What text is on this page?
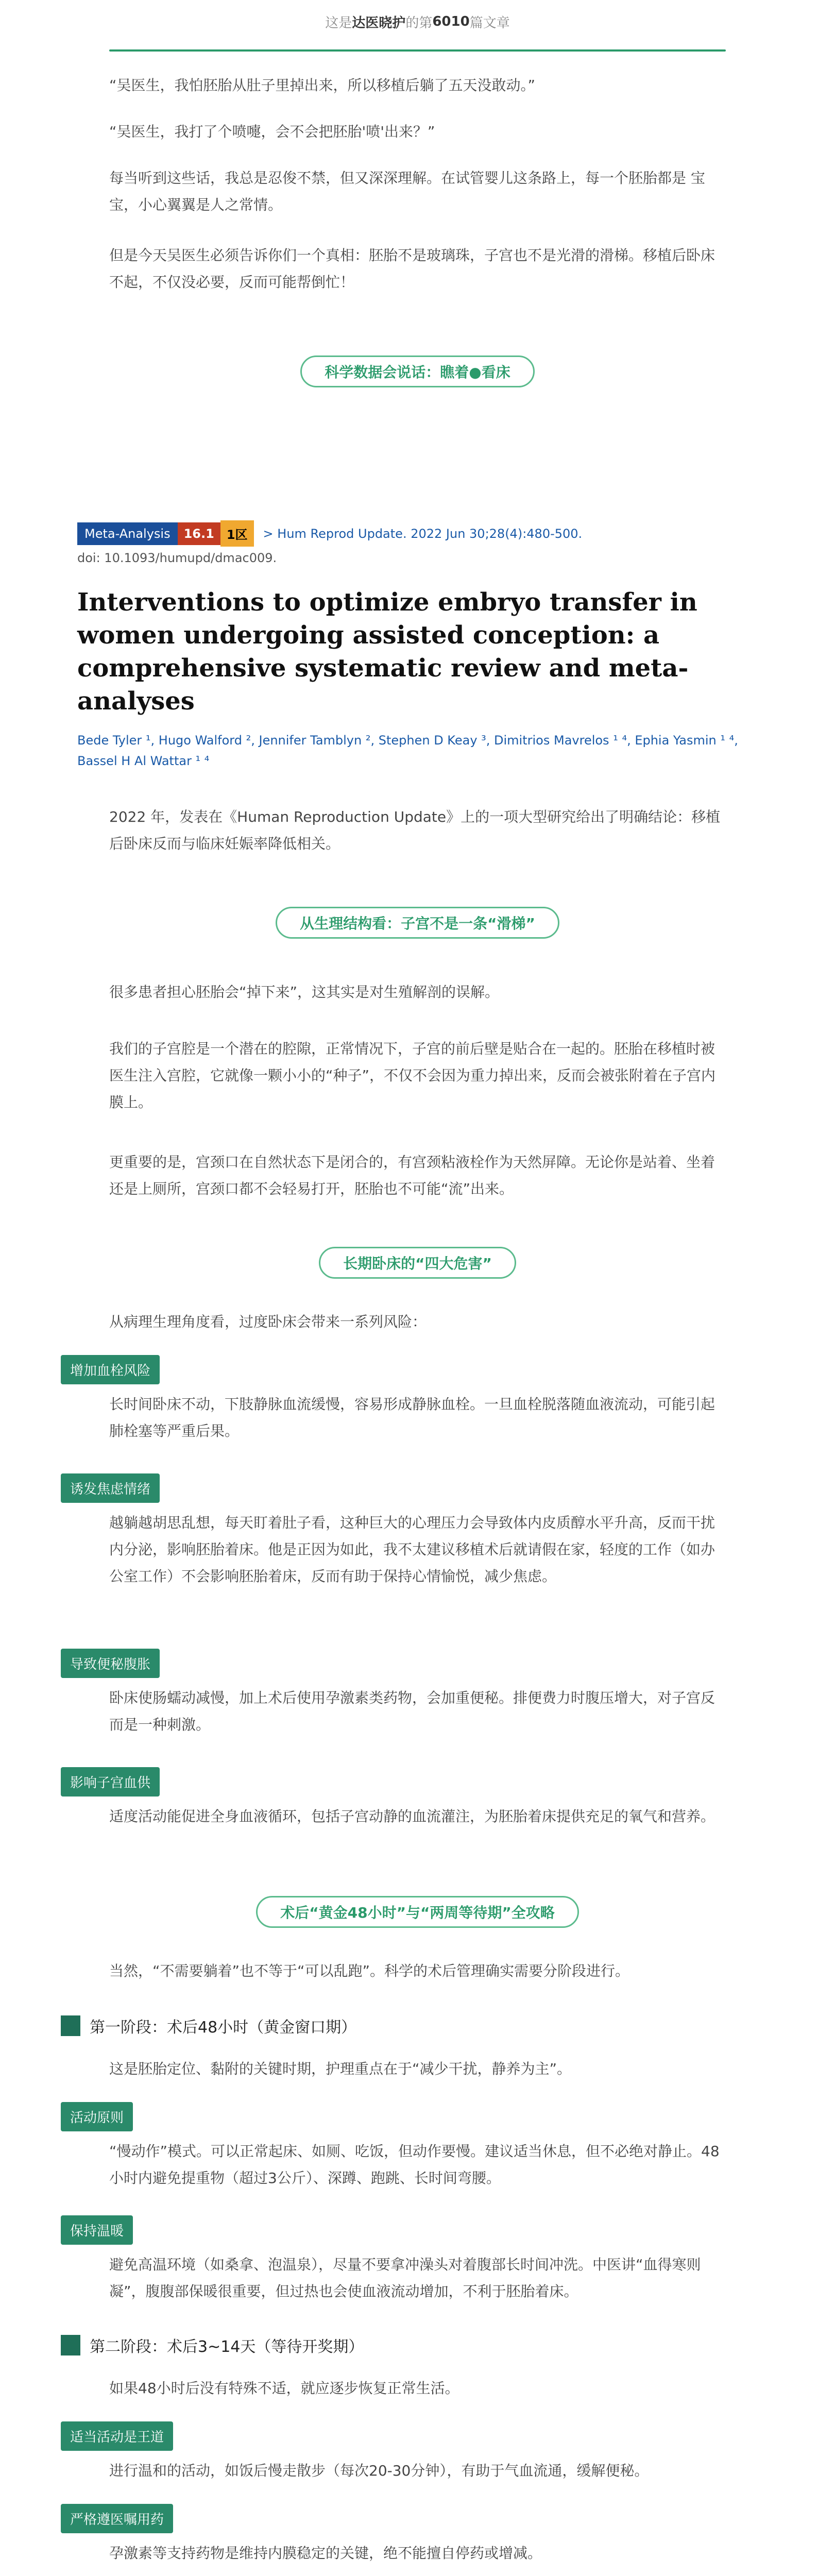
这是 达医晓护 的第 6010 篇文章

“吴医生，我怕胚胎从肚子里掉出来，所以移植后躺了五天没敢动。”

“吴医生，我打了个喷嚏，会不会把胚胎'喷'出来？”

每当听到这些话，我总是忍俊不禁，但又深深理解。在试管婴儿这条路上，每一个胚胎都是 宝宝，小心翼翼是人之常情。

但是今天吴医生必须告诉你们一个真相：胚胎不是玻璃珠，子宫也不是光滑的滑梯。移植后卧床不起，不仅没必要，反而可能帮倒忙！

科学数据会说话：瞧着●看床
Meta-Analysis	16.1	1区	> Hum Reprod Update. 2022 Jun 30;28(4):480-500.
doi: 10.1093/humupd/dmac009.
Interventions to optimize embryo transfer in women undergoing assisted conception: a comprehensive systematic review and meta-analyses
Bede Tyler ¹, Hugo Walford ², Jennifer Tamblyn ², Stephen D Keay ³, Dimitrios Mavrelos ¹ ⁴, Ephia Yasmin ¹ ⁴, Bassel H Al Wattar ¹ ⁴

2022 年，发表在《Human Reproduction Update》上的一项大型研究给出了明确结论：移植后卧床反而与临床妊娠率降低相关。

从生理结构看：子宫不是一条“滑梯”

很多患者担心胚胎会“掉下来”，这其实是对生殖解剖的误解。

我们的子宫腔是一个潜在的腔隙，正常情况下，子宫的前后壁是贴合在一起的。胚胎在移植时被医生注入宫腔，它就像一颗小小的“种子”，不仅不会因为重力掉出来，反而会被张附着在子宫内膜上。

更重要的是，宫颈口在自然状态下是闭合的，有宫颈粘液栓作为天然屏障。无论你是站着、坐着还是上厕所，宫颈口都不会轻易打开，胚胎也不可能“流”出来。

长期卧床的“四大危害”

从病理生理角度看，过度卧床会带来一系列风险：

增加血栓风险

长时间卧床不动，下肢静脉血流缓慢，容易形成静脉血栓。一旦血栓脱落随血液流动，可能引起肺栓塞等严重后果。

诱发焦虑情绪

越躺越胡思乱想，每天盯着肚子看，这种巨大的心理压力会导致体内皮质醇水平升高，反而干扰内分泌，影响胚胎着床。他是正因为如此，我不太建议移植术后就请假在家，轻度的工作（如办公室工作）不会影响胚胎着床，反而有助于保持心情愉悦，减少焦虑。

导致便秘腹胀

卧床使肠蠕动减慢，加上术后使用孕激素类药物，会加重便秘。排便费力时腹压增大，对子宫反而是一种刺激。

影响子宫血供

适度活动能促进全身血液循环，包括子宫动静的血流灌注，为胚胎着床提供充足的氧气和营养。

术后“黄金48小时”与“两周等待期”全攻略

当然，“不需要躺着”也不等于“可以乱跑”。科学的术后管理确实需要分阶段进行。

第一阶段：术后48小时（黄金窗口期）

这是胚胎定位、黏附的关键时期，护理重点在于“减少干扰，静养为主”。

活动原则

“慢动作”模式。可以正常起床、如厕、吃饭，但动作要慢。建议适当休息，但不必绝对静止。48小时内避免提重物（超过3公斤）、深蹲、跑跳、长时间弯腰。

保持温暖

避免高温环境（如桑拿、泡温泉），尽量不要拿冲澡头对着腹部长时间冲洗。中医讲“血得寒则凝”，腹腹部保暖很重要，但过热也会使血液流动增加，不利于胚胎着床。

第二阶段：术后3~14天（等待开奖期）

如果48小时后没有特殊不适，就应逐步恢复正常生活。

适当活动是王道

进行温和的活动，如饭后慢走散步（每次20-30分钟），有助于气血流通，缓解便秘。

严格遵医嘱用药

孕激素等支持药物是维持内膜稳定的关键，绝不能擅自停药或增减。
